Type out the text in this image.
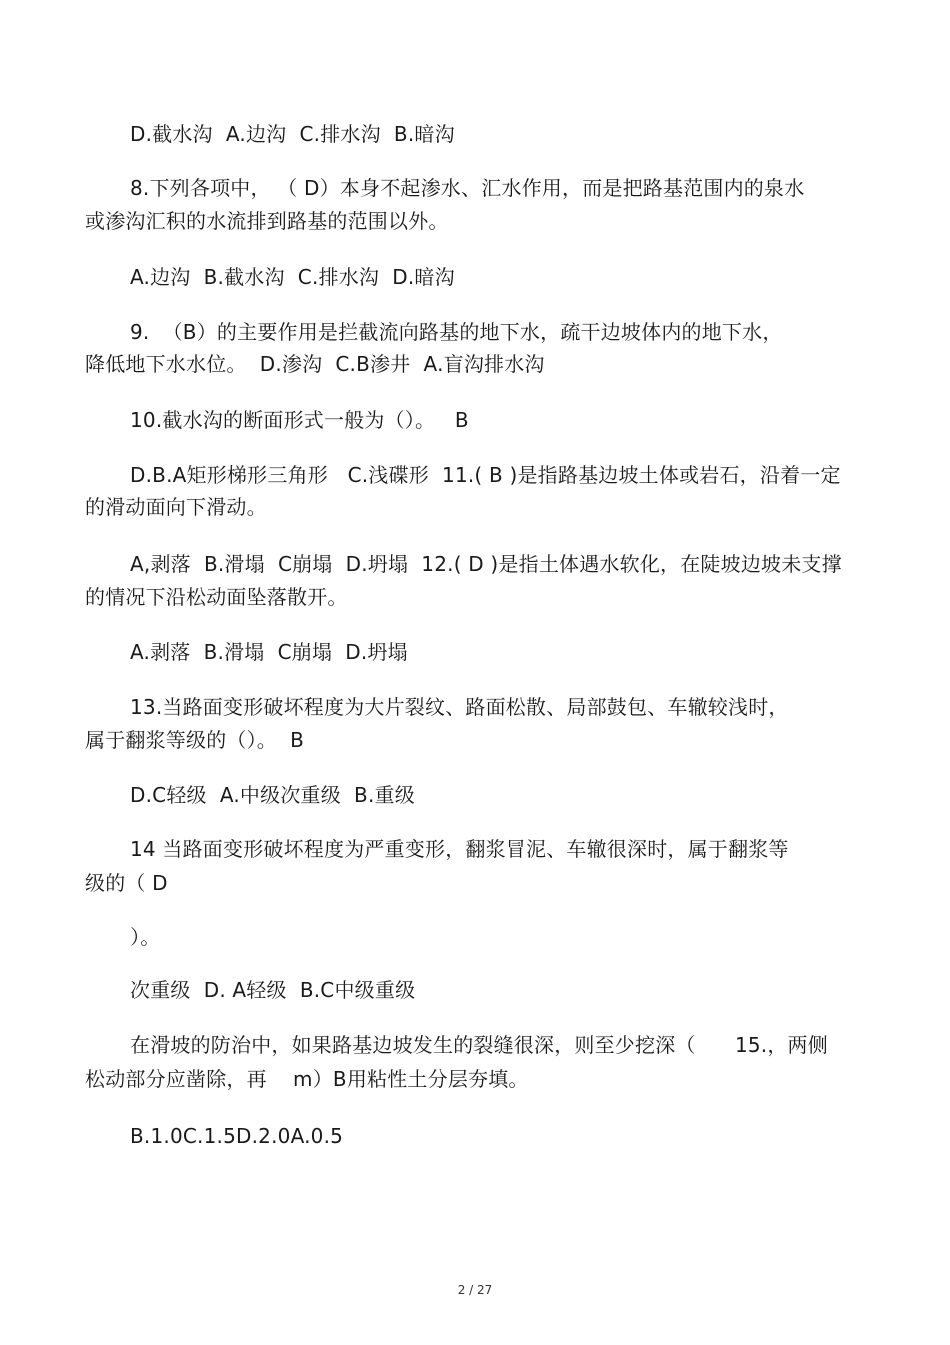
D.截水沟  A.边沟  C.排水沟  B.暗沟
8.下列各项中， （ D）本身不起渗水、汇水作用，而是把路基范围内的泉水
或渗沟汇积的水流排到路基的范围以外。
A.边沟  B.截水沟  C.排水沟  D.暗沟
9.  （B）的主要作用是拦截流向路基的地下水，疏干边坡体内的地下水，
降低地下水水位。  D.渗沟  C.B渗井  A.盲沟排水沟
10.截水沟的断面形式一般为（）。   B
D.B.A矩形梯形三角形   C.浅碟形  11.( B )是指路基边坡土体或岩石，沿着一定
的滑动面向下滑动。
A,剥落  B.滑塌  C崩塌  D.坍塌  12.( D )是指土体遇水软化，在陡坡边坡未支撑
的情况下沿松动面坠落散开。
A.剥落  B.滑塌  C崩塌  D.坍塌
13.当路面变形破坏程度为大片裂纹、路面松散、局部鼓包、车辙较浅时，
属于翻浆等级的（）。  B
D.C轻级  A.中级次重级  B.重级
14 当路面变形破坏程度为严重变形，翻浆冒泥、车辙很深时，属于翻浆等
级的（ D
）。
次重级  D. A轻级  B.C中级重级
在滑坡的防治中，如果路基边坡发生的裂缝很深，则至少挖深（      15.，两侧
松动部分应凿除，再    m）B用粘性土分层夯填。
B.1.0C.1.5D.2.0A.0.5
2 / 27
